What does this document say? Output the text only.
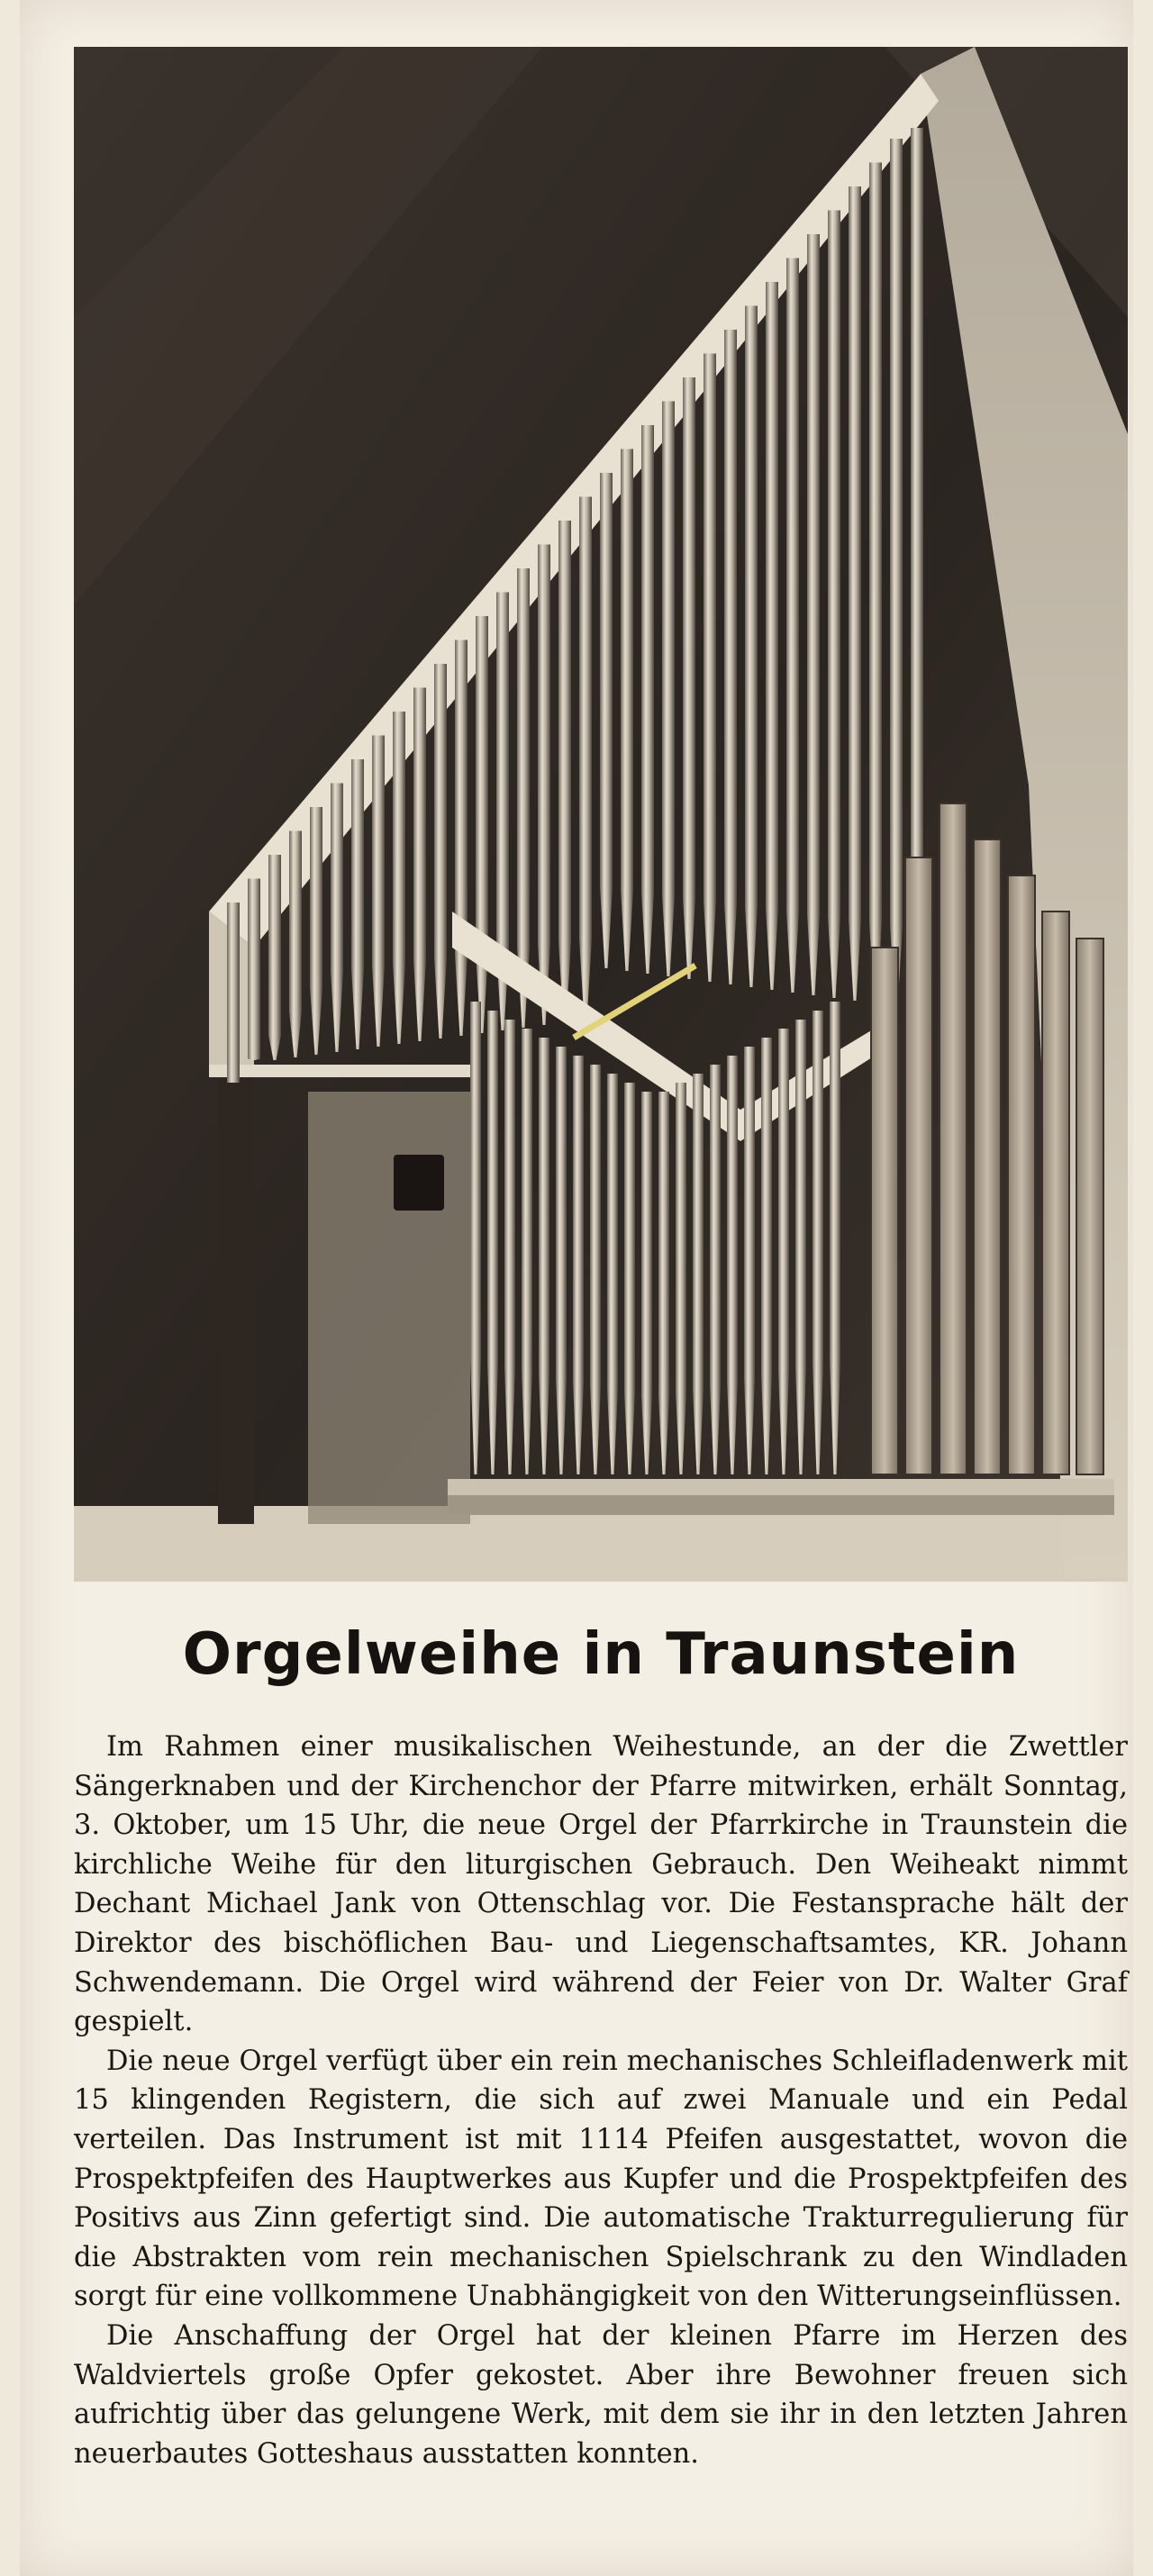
Orgelweihe in Traunstein

Im Rahmen einer musikalischen Weihestunde, an der die Zwettler Sängerknaben und der Kirchenchor der Pfarre mitwirken, erhält Sonntag, 3. Oktober, um 15 Uhr, die neue Orgel der Pfarrkirche in Traunstein die kirchliche Weihe für den liturgischen Gebrauch. Den Weiheakt nimmt Dechant Michael Jank von Ottenschlag vor. Die Festansprache hält der Direktor des bischöflichen Bau- und Liegenschaftsamtes, KR. Johann Schwendemann. Die Orgel wird während der Feier von Dr. Walter Graf gespielt.

Die neue Orgel verfügt über ein rein mechanisches Schleifladenwerk mit 15 klingenden Registern, die sich auf zwei Manuale und ein Pedal verteilen. Das Instrument ist mit 1114 Pfeifen ausgestattet, wovon die Prospektpfeifen des Hauptwerkes aus Kupfer und die Prospektpfeifen des Positivs aus Zinn gefertigt sind. Die automatische Trakturregulierung für die Abstrakten vom rein mechanischen Spielschrank zu den Windladen sorgt für eine vollkommene Unabhängigkeit von den Witterungseinflüssen.

Die Anschaffung der Orgel hat der kleinen Pfarre im Herzen des Waldviertels große Opfer gekostet. Aber ihre Bewohner freuen sich aufrichtig über das gelungene Werk, mit dem sie ihr in den letzten Jahren neuerbautes Gotteshaus ausstatten konnten.
